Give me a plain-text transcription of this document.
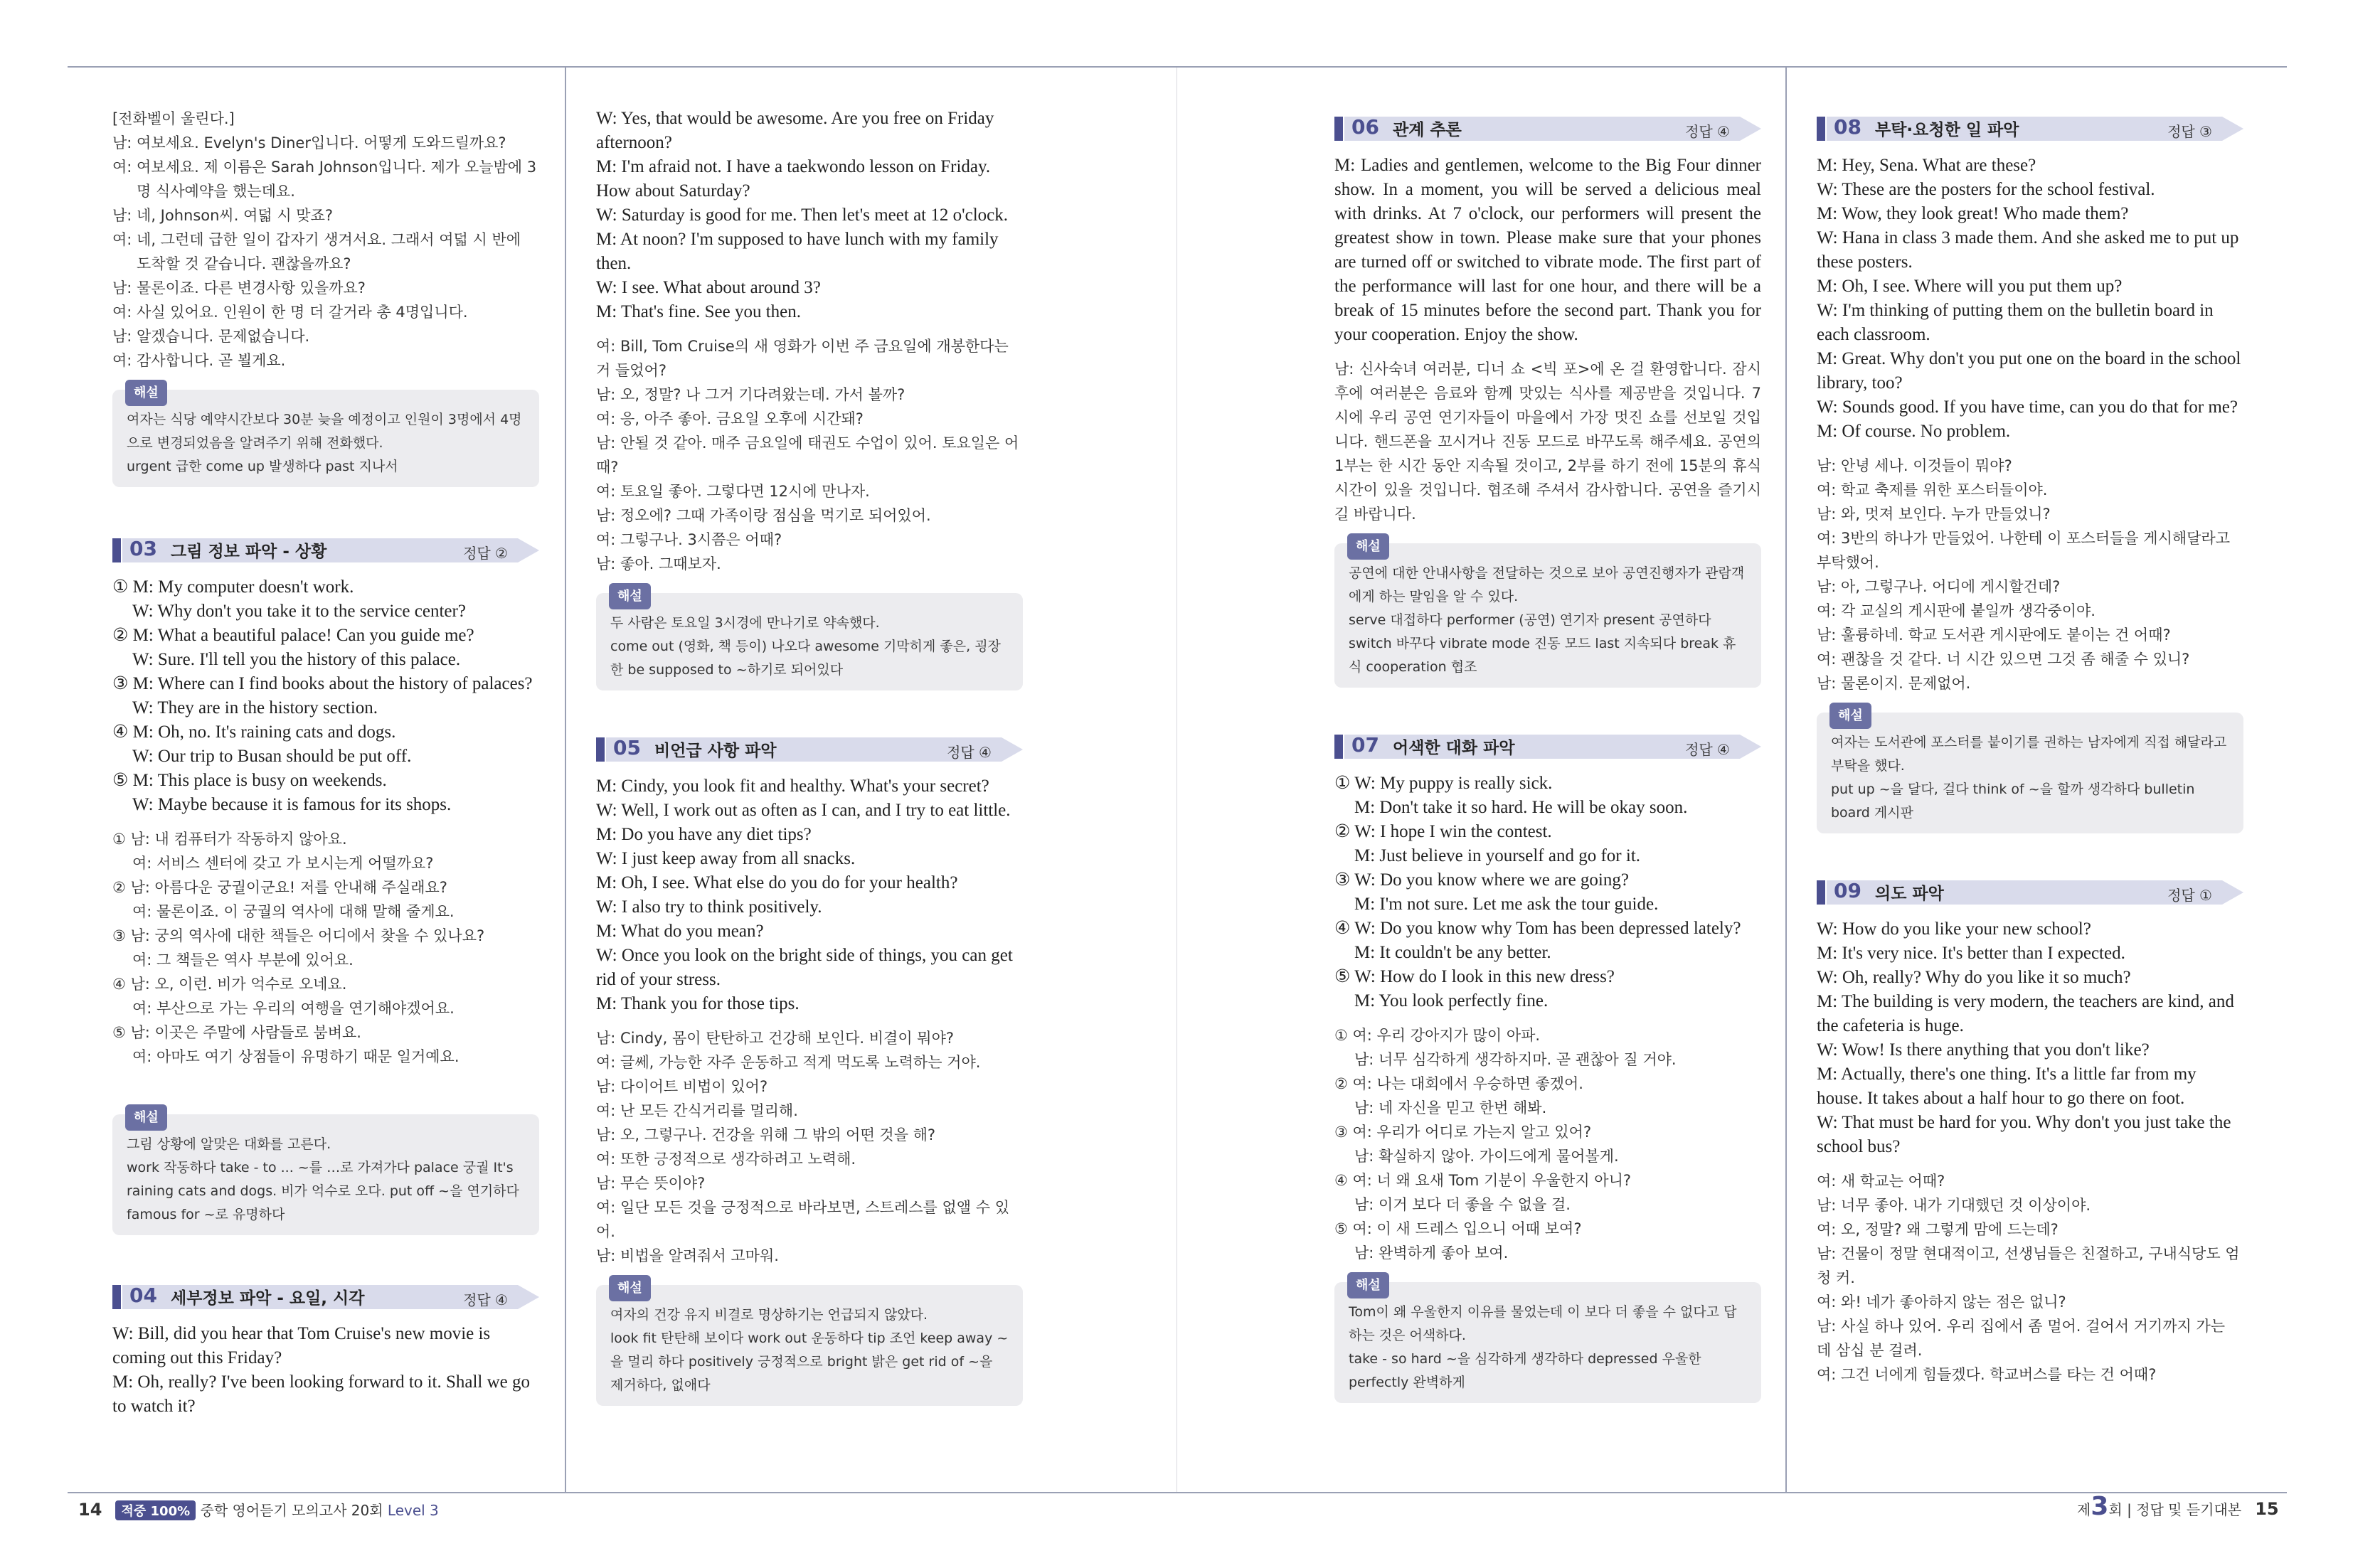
[전화벨이 울린다.]
남: 여보세요. Evelyn's Diner입니다. 어떻게 도와드릴까요?
여: 여보세요. 제 이름은 Sarah Johnson입니다. 제가 오늘밤에 3
명 식사예약을 했는데요.
남: 네, Johnson씨. 여덟 시 맞죠?
여: 네, 그런데 급한 일이 갑자기 생겨서요. 그래서 여덟 시 반에
도착할 것 같습니다. 괜찮을까요?
남: 물론이죠. 다른 변경사항 있을까요?
여: 사실 있어요. 인원이 한 명 더 갈거라 총 4명입니다.
남: 알겠습니다. 문제없습니다.
여: 감사합니다. 곧 뵐게요.
해설
여자는 식당 예약시간보다 30분 늦을 예정이고 인원이 3명에서 4명으로 변경되었음을 알려주기 위해 전화했다.
urgent 급한 come up 발생하다 past 지나서
03 그림 정보 파악 - 상황	정답 ②
① M: My computer doesn't work.
W: Why don't you take it to the service center?
② M: What a beautiful palace! Can you guide me?
W: Sure. I'll tell you the history of this palace.
③ M: Where can I find books about the history of palaces?
W: They are in the history section.
④ M: Oh, no. It's raining cats and dogs.
W: Our trip to Busan should be put off.
⑤ M: This place is busy on weekends.
W: Maybe because it is famous for its shops.
① 남: 내 컴퓨터가 작동하지 않아요.
여: 서비스 센터에 갖고 가 보시는게 어떨까요?
② 남: 아름다운 궁궐이군요! 저를 안내해 주실래요?
여: 물론이죠. 이 궁궐의 역사에 대해 말해 줄게요.
③ 남: 궁의 역사에 대한 책들은 어디에서 찾을 수 있나요?
여: 그 책들은 역사 부분에 있어요.
④ 남: 오, 이런. 비가 억수로 오네요.
여: 부산으로 가는 우리의 여행을 연기해야겠어요.
⑤ 남: 이곳은 주말에 사람들로 붐벼요.
여: 아마도 여기 상점들이 유명하기 때문 일거예요.
해설
그림 상황에 알맞은 대화를 고른다.
work 작동하다 take - to ... ~를 …로 가져가다 palace 궁궐 It's raining cats and dogs. 비가 억수로 오다. put off ~을 연기하다 famous for ~로 유명하다
04 세부정보 파악 - 요일, 시각	정답 ④
W: Bill, did you hear that Tom Cruise's new movie is coming out this Friday?
M: Oh, really? I've been looking forward to it. Shall we go to watch it?
W: Yes, that would be awesome. Are you free on Friday afternoon?
M: I'm afraid not. I have a taekwondo lesson on Friday. How about Saturday?
W: Saturday is good for me. Then let's meet at 12 o'clock.
M: At noon? I'm supposed to have lunch with my family then.
W: I see. What about around 3?
M: That's fine. See you then.
여: Bill, Tom Cruise의 새 영화가 이번 주 금요일에 개봉한다는 거 들었어?
남: 오, 정말? 나 그거 기다려왔는데. 가서 볼까?
여: 응, 아주 좋아. 금요일 오후에 시간돼?
남: 안될 것 같아. 매주 금요일에 태권도 수업이 있어. 토요일은 어때?
여: 토요일 좋아. 그렇다면 12시에 만나자.
남: 정오에? 그때 가족이랑 점심을 먹기로 되어있어.
여: 그렇구나. 3시쯤은 어때?
남: 좋아. 그때보자.
해설
두 사람은 토요일 3시경에 만나기로 약속했다.
come out (영화, 책 등이) 나오다 awesome 기막히게 좋은, 굉장한 be supposed to ~하기로 되어있다
05 비언급 사항 파악	정답 ④
M: Cindy, you look fit and healthy. What's your secret?
W: Well, I work out as often as I can, and I try to eat little.
M: Do you have any diet tips?
W: I just keep away from all snacks.
M: Oh, I see. What else do you do for your health?
W: I also try to think positively.
M: What do you mean?
W: Once you look on the bright side of things, you can get rid of your stress.
M: Thank you for those tips.
남: Cindy, 몸이 탄탄하고 건강해 보인다. 비결이 뭐야?
여: 글쎄, 가능한 자주 운동하고 적게 먹도록 노력하는 거야.
남: 다이어트 비법이 있어?
여: 난 모든 간식거리를 멀리해.
남: 오, 그렇구나. 건강을 위해 그 밖의 어떤 것을 해?
여: 또한 긍정적으로 생각하려고 노력해.
남: 무슨 뜻이야?
여: 일단 모든 것을 긍정적으로 바라보면, 스트레스를 없앨 수 있어.
남: 비법을 알려줘서 고마워.
해설
여자의 건강 유지 비결로 명상하기는 언급되지 않았다.
look fit 탄탄해 보이다 work out 운동하다 tip 조언 keep away ~을 멀리 하다 positively 긍정적으로 bright 밝은 get rid of ~을 제거하다, 없애다
06 관계 추론	정답 ④
M: Ladies and gentlemen, welcome to the Big Four dinner show. In a moment, you will be served a delicious meal with drinks. At 7 o'clock, our performers will present the greatest show in town. Please make sure that your phones are turned off or switched to vibrate mode. The first part of the performance will last for one hour, and there will be a break of 15 minutes before the second part. Thank you for your cooperation. Enjoy the show.
남: 신사숙녀 여러분, 디너 쇼 <빅 포>에 온 걸 환영합니다. 잠시 후에 여러분은 음료와 함께 맛있는 식사를 제공받을 것입니다. 7시에 우리 공연 연기자들이 마을에서 가장 멋진 쇼를 선보일 것입니다. 핸드폰을 꼬시거나 진동 모드로 바꾸도록 해주세요. 공연의 1부는 한 시간 동안 지속될 것이고, 2부를 하기 전에 15분의 휴식 시간이 있을 것입니다. 협조해 주셔서 감사합니다. 공연을 즐기시길 바랍니다.
해설
공연에 대한 안내사항을 전달하는 것으로 보아 공연진행자가 관람객에게 하는 말임을 알 수 있다.
serve 대접하다 performer (공연) 연기자 present 공연하다 switch 바꾸다 vibrate mode 진동 모드 last 지속되다 break 휴식 cooperation 협조
07 어색한 대화 파악	정답 ④
① W: My puppy is really sick.
M: Don't take it so hard. He will be okay soon.
② W: I hope I win the contest.
M: Just believe in yourself and go for it.
③ W: Do you know where we are going?
M: I'm not sure. Let me ask the tour guide.
④ W: Do you know why Tom has been depressed lately?
M: It couldn't be any better.
⑤ W: How do I look in this new dress?
M: You look perfectly fine.
① 여: 우리 강아지가 많이 아파.
남: 너무 심각하게 생각하지마. 곧 괜찮아 질 거야.
② 여: 나는 대회에서 우승하면 좋겠어.
남: 네 자신을 믿고 한번 해봐.
③ 여: 우리가 어디로 가는지 알고 있어?
남: 확실하지 않아. 가이드에게 물어볼게.
④ 여: 너 왜 요새 Tom 기분이 우울한지 아니?
남: 이거 보다 더 좋을 수 없을 걸.
⑤ 여: 이 새 드레스 입으니 어때 보여?
남: 완벽하게 좋아 보여.
해설
Tom이 왜 우울한지 이유를 물었는데 이 보다 더 좋을 수 없다고 답하는 것은 어색하다.
take - so hard ~을 심각하게 생각하다 depressed 우울한 perfectly 완벽하게
08 부탁·요청한 일 파악	정답 ③
M: Hey, Sena. What are these?
W: These are the posters for the school festival.
M: Wow, they look great! Who made them?
W: Hana in class 3 made them. And she asked me to put up these posters.
M: Oh, I see. Where will you put them up?
W: I'm thinking of putting them on the bulletin board in each classroom.
M: Great. Why don't you put one on the board in the school library, too?
W: Sounds good. If you have time, can you do that for me?
M: Of course. No problem.
남: 안녕 세나. 이것들이 뭐야?
여: 학교 축제를 위한 포스터들이야.
남: 와, 멋져 보인다. 누가 만들었니?
여: 3반의 하나가 만들었어. 나한테 이 포스터들을 게시해달라고 부탁했어.
남: 아, 그렇구나. 어디에 게시할건데?
여: 각 교실의 게시판에 붙일까 생각중이야.
남: 훌륭하네. 학교 도서관 게시판에도 붙이는 건 어때?
여: 괜찮을 것 같다. 너 시간 있으면 그것 좀 해줄 수 있니?
남: 물론이지. 문제없어.
해설
여자는 도서관에 포스터를 붙이기를 권하는 남자에게 직접 해달라고 부탁을 했다.
put up ~을 달다, 걸다 think of ~을 할까 생각하다 bulletin board 게시판
09 의도 파악	정답 ①
W: How do you like your new school?
M: It's very nice. It's better than I expected.
W: Oh, really? Why do you like it so much?
M: The building is very modern, the teachers are kind, and the cafeteria is huge.
W: Wow! Is there anything that you don't like?
M: Actually, there's one thing. It's a little far from my house. It takes about a half hour to go there on foot.
W: That must be hard for you. Why don't you just take the school bus?
여: 새 학교는 어때?
남: 너무 좋아. 내가 기대했던 것 이상이야.
여: 오, 정말? 왜 그렇게 맘에 드는데?
남: 건물이 정말 현대적이고, 선생님들은 친절하고, 구내식당도 엄청 커.
여: 와! 네가 좋아하지 않는 점은 없니?
남: 사실 하나 있어. 우리 집에서 좀 멀어. 걸어서 거기까지 가는 데 삼십 분 걸려.
여: 그건 너에게 힘들겠다. 학교버스를 타는 건 어때?
14 적중 100% 중학 영어듣기 모의고사 20회 Level 3	제3회 | 정답 및 듣기대본 15
